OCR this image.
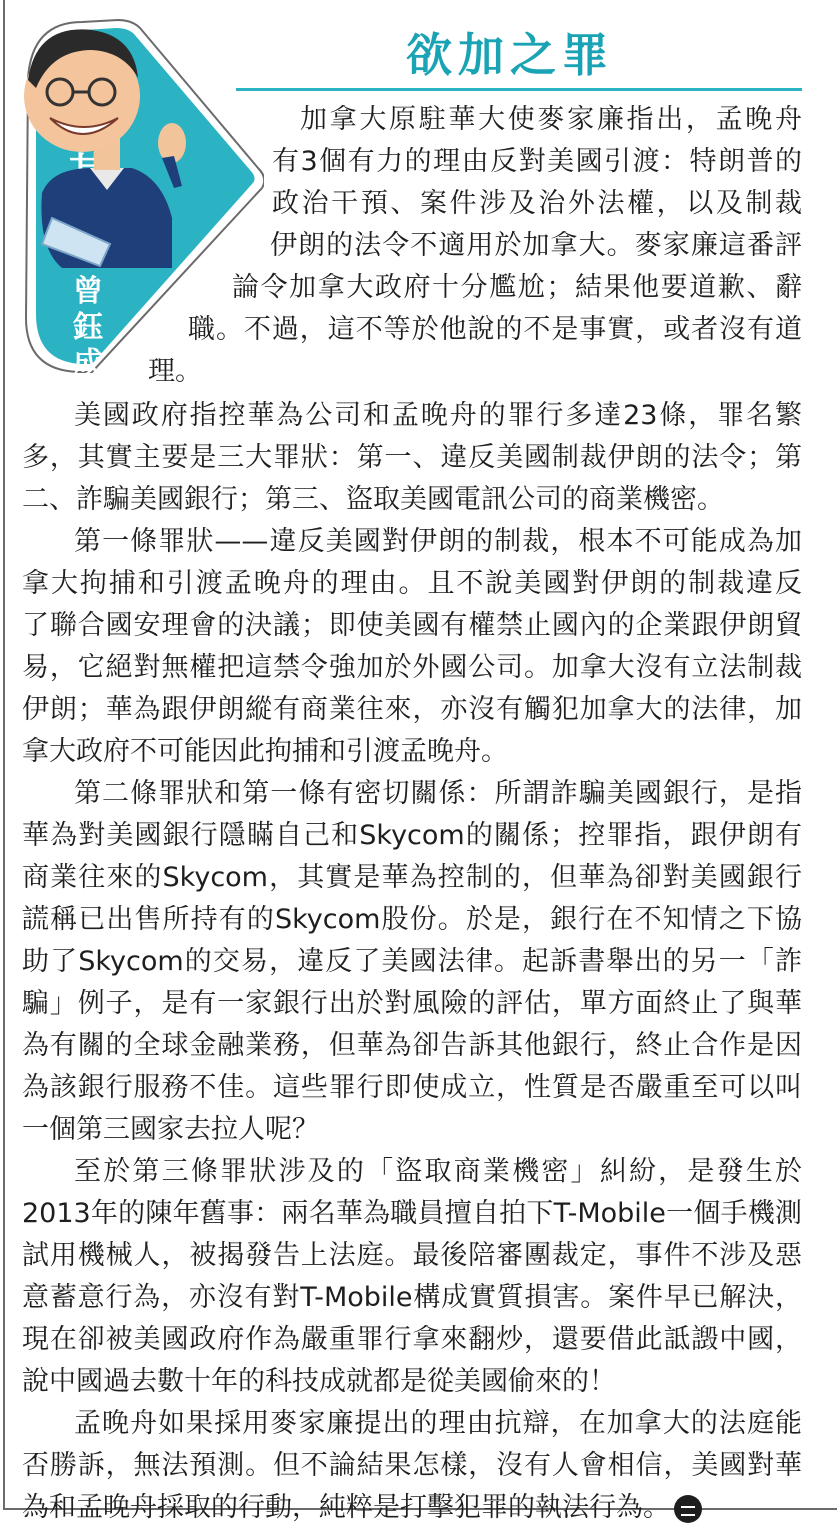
曾鈺成
欲加之罪
加拿大原駐華大使麥家廉指出，孟晚舟
有3個有力的理由反對美國引渡：特朗普的
政治干預、案件涉及治外法權，以及制裁
伊朗的法令不適用於加拿大。麥家廉這番評
論令加拿大政府十分尷尬；結果他要道歉、辭
職。不過，這不等於他說的不是事實，或者沒有道
理。
美國政府指控華為公司和孟晚舟的罪行多達23條，罪名繁
多，其實主要是三大罪狀：第一、違反美國制裁伊朗的法令；第
二、詐騙美國銀行；第三、盜取美國電訊公司的商業機密。
第一條罪狀——違反美國對伊朗的制裁，根本不可能成為加
拿大拘捕和引渡孟晚舟的理由。且不說美國對伊朗的制裁違反
了聯合國安理會的決議；即使美國有權禁止國內的企業跟伊朗貿
易，它絕對無權把這禁令強加於外國公司。加拿大沒有立法制裁
伊朗；華為跟伊朗縱有商業往來，亦沒有觸犯加拿大的法律，加
拿大政府不可能因此拘捕和引渡孟晚舟。
第二條罪狀和第一條有密切關係：所謂詐騙美國銀行，是指
華為對美國銀行隱瞞自己和Skycom的關係；控罪指，跟伊朗有
商業往來的Skycom，其實是華為控制的，但華為卻對美國銀行
謊稱已出售所持有的Skycom股份。於是，銀行在不知情之下協
助了Skycom的交易，違反了美國法律。起訴書舉出的另一「詐
騙」例子，是有一家銀行出於對風險的評估，單方面終止了與華
為有關的全球金融業務，但華為卻告訴其他銀行，終止合作是因
為該銀行服務不佳。這些罪行即使成立，性質是否嚴重至可以叫
一個第三國家去拉人呢？
至於第三條罪狀涉及的「盜取商業機密」糾紛，是發生於
2013年的陳年舊事：兩名華為職員擅自拍下T-Mobile一個手機測
試用機械人，被揭發告上法庭。最後陪審團裁定，事件不涉及惡
意蓄意行為，亦沒有對T-Mobile構成實質損害。案件早已解決，
現在卻被美國政府作為嚴重罪行拿來翻炒，還要借此詆譭中國，
說中國過去數十年的科技成就都是從美國偷來的！
孟晚舟如果採用麥家廉提出的理由抗辯，在加拿大的法庭能
否勝訴，無法預測。但不論結果怎樣，沒有人會相信，美國對華
為和孟晚舟採取的行動，純粹是打擊犯罪的執法行為。
